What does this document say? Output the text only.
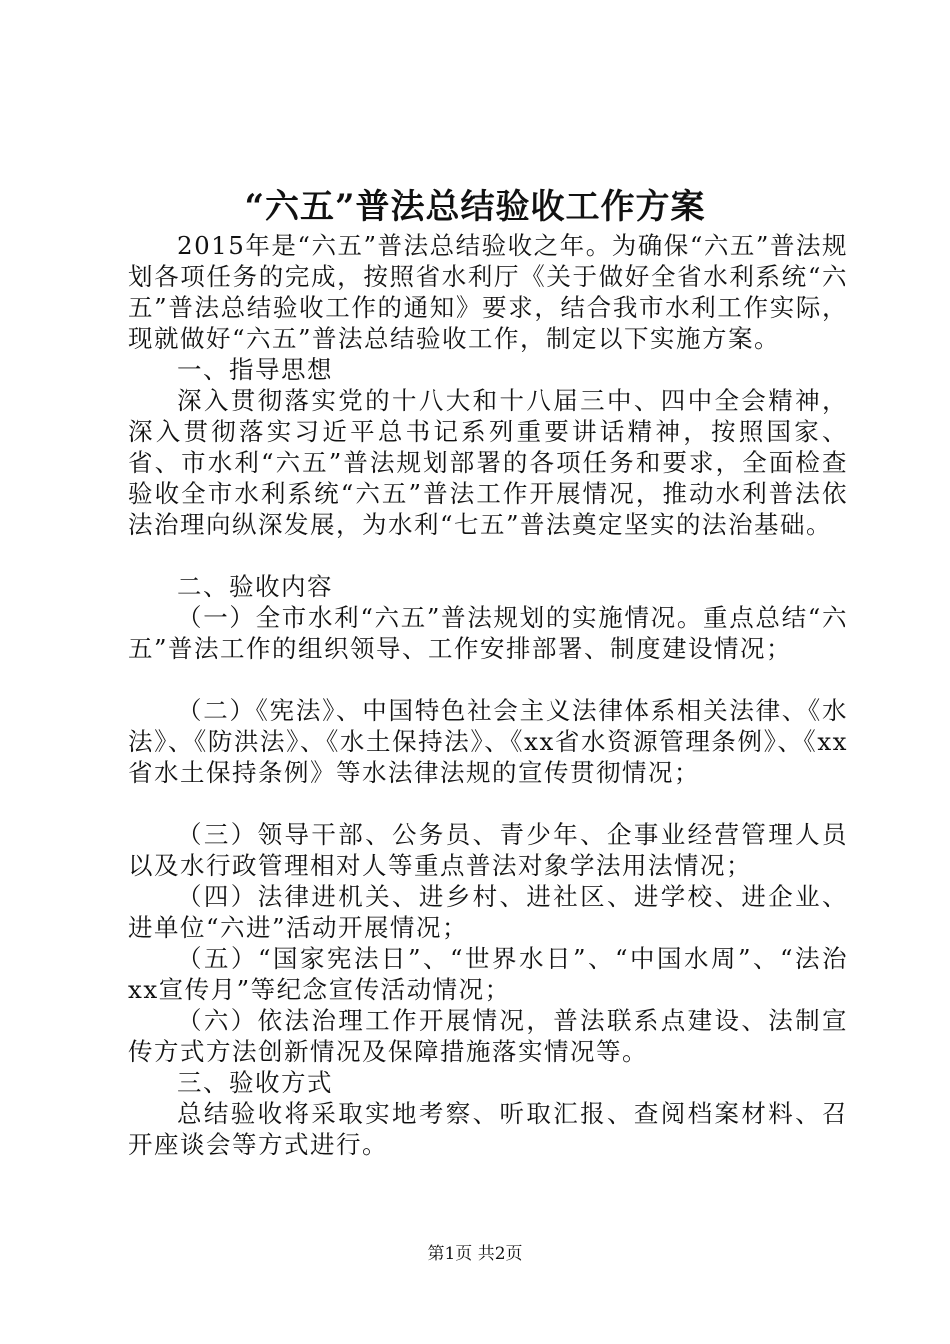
“六五”普法总结验收工作方案

2015年是“六五”普法总结验收之年。为确保“六五”普法规划各项任务的完成，按照省水利厅《关于做好全省水利系统“六五”普法总结验收工作的通知》要求，结合我市水利工作实际，现就做好“六五”普法总结验收工作，制定以下实施方案。

一、指导思想

深入贯彻落实党的十八大和十八届三中、四中全会精神，深入贯彻落实习近平总书记系列重要讲话精神，按照国家、省、市水利“六五”普法规划部署的各项任务和要求，全面检查验收全市水利系统“六五”普法工作开展情况，推动水利普法依法治理向纵深发展，为水利“七五”普法奠定坚实的法治基础。

二、验收内容

（一）全市水利“六五”普法规划的实施情况。重点总结“六五”普法工作的组织领导、工作安排部署、制度建设情况；

（二）《宪法》、中国特色社会主义法律体系相关法律、《水法》、《防洪法》、《水土保持法》、《xx省水资源管理条例》、《xx省水土保持条例》等水法律法规的宣传贯彻情况；

（三）领导干部、公务员、青少年、企事业经营管理人员以及水行政管理相对人等重点普法对象学法用法情况；

（四）法律进机关、进乡村、进社区、进学校、进企业、进单位“六进”活动开展情况；

（五）“国家宪法日”、“世界水日”、“中国水周”、“法治xx宣传月”等纪念宣传活动情况；

（六）依法治理工作开展情况，普法联系点建设、法制宣传方式方法创新情况及保障措施落实情况等。

三、验收方式

总结验收将采取实地考察、听取汇报、查阅档案材料、召开座谈会等方式进行。

第1页 共2页
